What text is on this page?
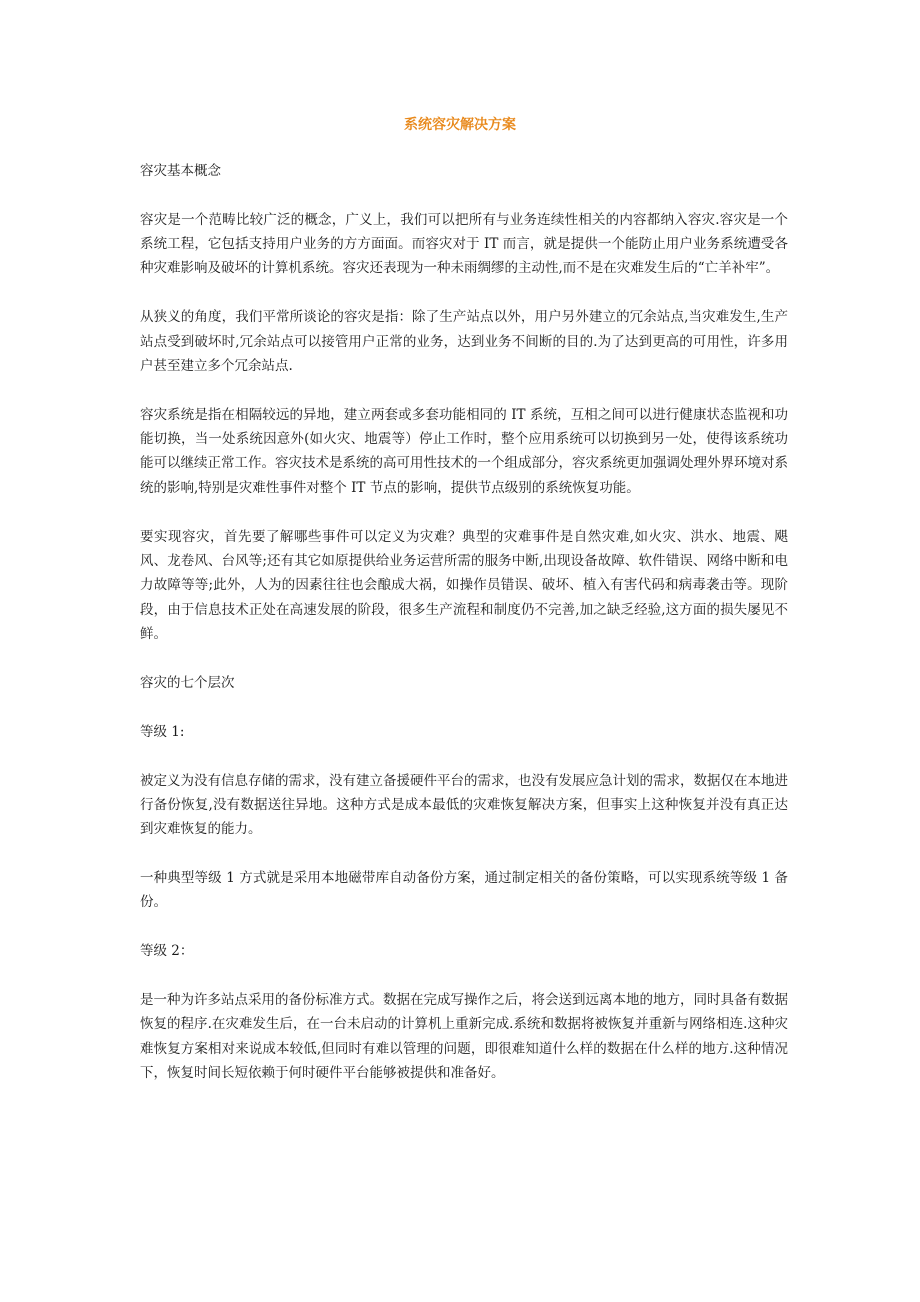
系统容灾解决方案

容灾基本概念

容灾是一个范畴比较广泛的概念，广义上，我们可以把所有与业务连续性相关的内容都纳入容灾.容灾是一个系统工程，它包括支持用户业务的方方面面。而容灾对于 IT 而言，就是提供一个能防止用户业务系统遭受各种灾难影响及破坏的计算机系统。容灾还表现为一种未雨绸缪的主动性,而不是在灾难发生后的“亡羊补牢”。

从狭义的角度，我们平常所谈论的容灾是指：除了生产站点以外，用户另外建立的冗余站点,当灾难发生,生产站点受到破坏时,冗余站点可以接管用户正常的业务，达到业务不间断的目的.为了达到更高的可用性，许多用户甚至建立多个冗余站点.

容灾系统是指在相隔较远的异地，建立两套或多套功能相同的 IT 系统，互相之间可以进行健康状态监视和功能切换，当一处系统因意外(如火灾、地震等）停止工作时，整个应用系统可以切换到另一处，使得该系统功能可以继续正常工作。容灾技术是系统的高可用性技术的一个组成部分，容灾系统更加强调处理外界环境对系统的影响,特别是灾难性事件对整个 IT 节点的影响，提供节点级别的系统恢复功能。

要实现容灾，首先要了解哪些事件可以定义为灾难？典型的灾难事件是自然灾难,如火灾、洪水、地震、飓风、龙卷风、台风等;还有其它如原提供给业务运营所需的服务中断,出现设备故障、软件错误、网络中断和电力故障等等;此外，人为的因素往往也会酿成大祸，如操作员错误、破坏、植入有害代码和病毒袭击等。现阶段，由于信息技术正处在高速发展的阶段，很多生产流程和制度仍不完善,加之缺乏经验,这方面的损失屡见不鲜。

容灾的七个层次

等级 1:

被定义为没有信息存储的需求，没有建立备援硬件平台的需求，也没有发展应急计划的需求，数据仅在本地进行备份恢复,没有数据送往异地。这种方式是成本最低的灾难恢复解决方案，但事实上这种恢复并没有真正达到灾难恢复的能力。

一种典型等级 1 方式就是采用本地磁带库自动备份方案，通过制定相关的备份策略，可以实现系统等级 1 备份。

等级 2：

是一种为许多站点采用的备份标准方式。数据在完成写操作之后，将会送到远离本地的地方，同时具备有数据恢复的程序.在灾难发生后，在一台未启动的计算机上重新完成.系统和数据将被恢复并重新与网络相连.这种灾难恢复方案相对来说成本较低,但同时有难以管理的问题，即很难知道什么样的数据在什么样的地方.这种情况下，恢复时间长短依赖于何时硬件平台能够被提供和准备好。
